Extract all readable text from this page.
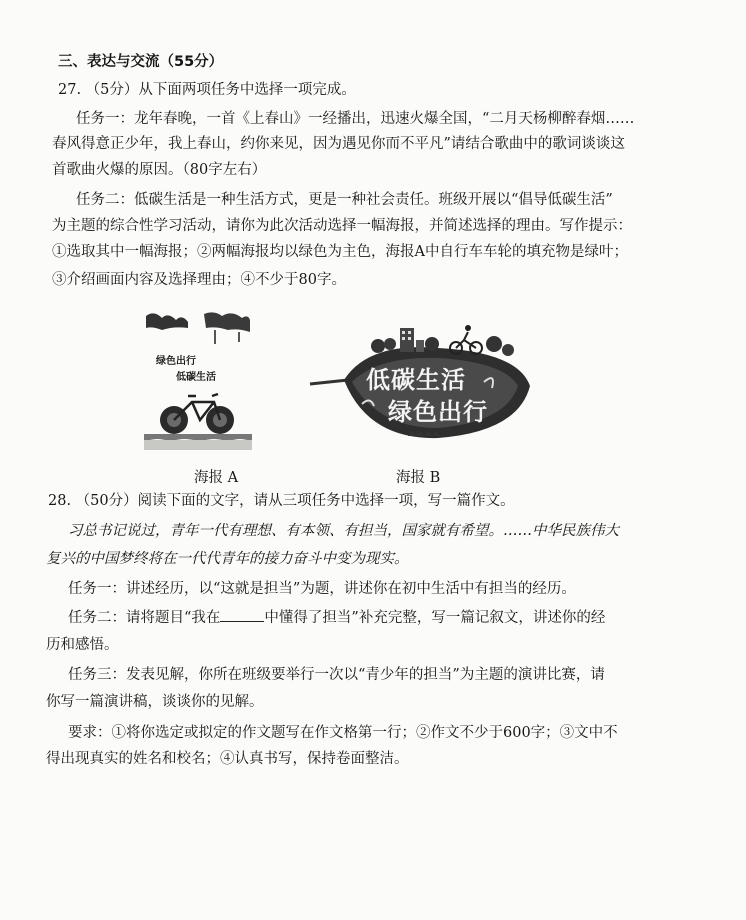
三、表达与交流（55分）
27. （5分）从下面两项任务中选择一项完成。
任务一：龙年春晚，一首《上春山》一经播出，迅速火爆全国，“二月天杨柳醉春烟……
春风得意正少年，我上春山，约你来见，因为遇见你而不平凡”请结合歌曲中的歌词谈谈这
首歌曲火爆的原因。（80字左右）
任务二：低碳生活是一种生活方式，更是一种社会责任。班级开展以“倡导低碳生活”
为主题的综合性学习活动，请你为此次活动选择一幅海报，并简述选择的理由。写作提示：
①选取其中一幅海报；②两幅海报均以绿色为主色，海报A中自行车车轮的填充物是绿叶；
③介绍画面内容及选择理由；④不少于80字。
绿色出行
低碳生活
海报 A
低碳生活
绿色出行
海报 B
28. （50分）阅读下面的文字，请从三项任务中选择一项，写一篇作文。
习总书记说过，青年一代有理想、有本领、有担当，国家就有希望。……中华民族伟大
复兴的中国梦终将在一代代青年的接力奋斗中变为现实。
任务一：讲述经历，以“这就是担当”为题，讲述你在初中生活中有担当的经历。
任务二：请将题目“我在	中懂得了担当”补充完整，写一篇记叙文，讲述你的经
历和感悟。
任务三：发表见解，你所在班级要举行一次以“青少年的担当”为主题的演讲比赛，请
你写一篇演讲稿，谈谈你的见解。
要求：①将你选定或拟定的作文题写在作文格第一行；②作文不少于600字；③文中不
得出现真实的姓名和校名；④认真书写，保持卷面整洁。
